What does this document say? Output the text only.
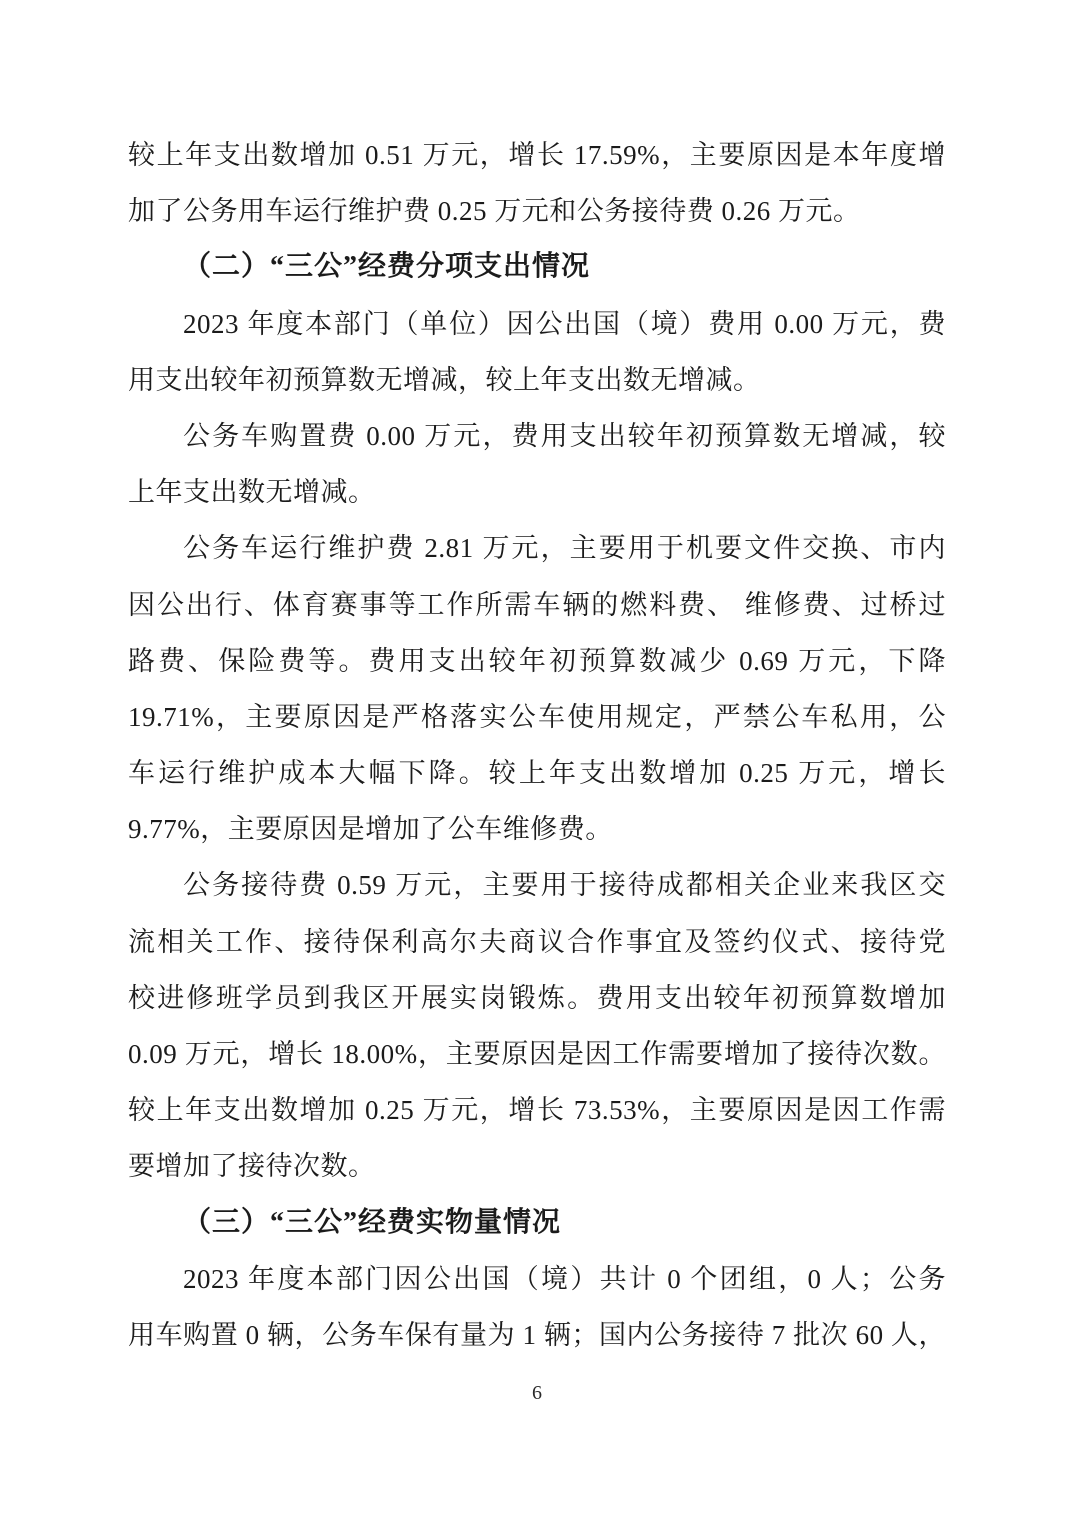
较上年支出数增加 0.51 万元，增长 17.59%，主要原因是本年度增
加了公务用车运行维护费 0.25 万元和公务接待费 0.26 万元。
（二）“三公”经费分项支出情况
2023 年度本部门（单位）因公出国（境）费用 0.00 万元，费
用支出较年初预算数无增减，较上年支出数无增减。
公务车购置费 0.00 万元，费用支出较年初预算数无增减，较
上年支出数无增减。
公务车运行维护费 2.81 万元，主要用于机要文件交换、市内
因公出行、体育赛事等工作所需车辆的燃料费、 维修费、过桥过
路费、保险费等。费用支出较年初预算数减少 0.69 万元，下降
19.71%，主要原因是严格落实公车使用规定，严禁公车私用，公
车运行维护成本大幅下降。较上年支出数增加 0.25 万元，增长
9.77%，主要原因是增加了公车维修费。
公务接待费 0.59 万元，主要用于接待成都相关企业来我区交
流相关工作、接待保利高尔夫商议合作事宜及签约仪式、接待党
校进修班学员到我区开展实岗锻炼。费用支出较年初预算数增加
0.09 万元，增长 18.00%，主要原因是因工作需要增加了接待次数。
较上年支出数增加 0.25 万元，增长 73.53%，主要原因是因工作需
要增加了接待次数。
（三）“三公”经费实物量情况
2023 年度本部门因公出国（境）共计 0 个团组，0 人；公务
用车购置 0 辆，公务车保有量为 1 辆；国内公务接待 7 批次 60 人，
6
